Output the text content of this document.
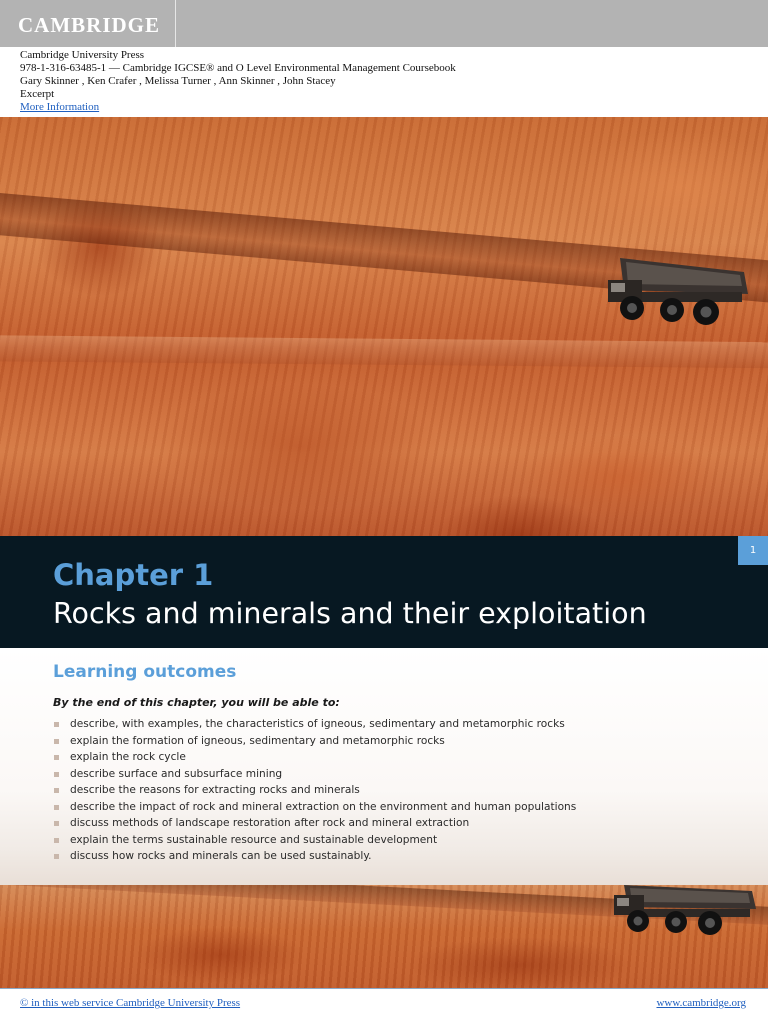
CAMBRIDGE
Cambridge University Press
978-1-316-63485-1 — Cambridge IGCSE® and O Level Environmental Management Coursebook
Gary Skinner , Ken Crafer , Melissa Turner , Ann Skinner , John Stacey
Excerpt
More Information
Chapter 1
Rocks and minerals and their exploitation
1
Learning outcomes
By the end of this chapter, you will be able to:
describe, with examples, the characteristics of igneous, sedimentary and metamorphic rocks
explain the formation of igneous, sedimentary and metamorphic rocks
explain the rock cycle
describe surface and subsurface mining
describe the reasons for extracting rocks and minerals
describe the impact of rock and mineral extraction on the environment and human populations
discuss methods of landscape restoration after rock and mineral extraction
explain the terms sustainable resource and sustainable development
discuss how rocks and minerals can be used sustainably.
© in this web service Cambridge University Press	www.cambridge.org
